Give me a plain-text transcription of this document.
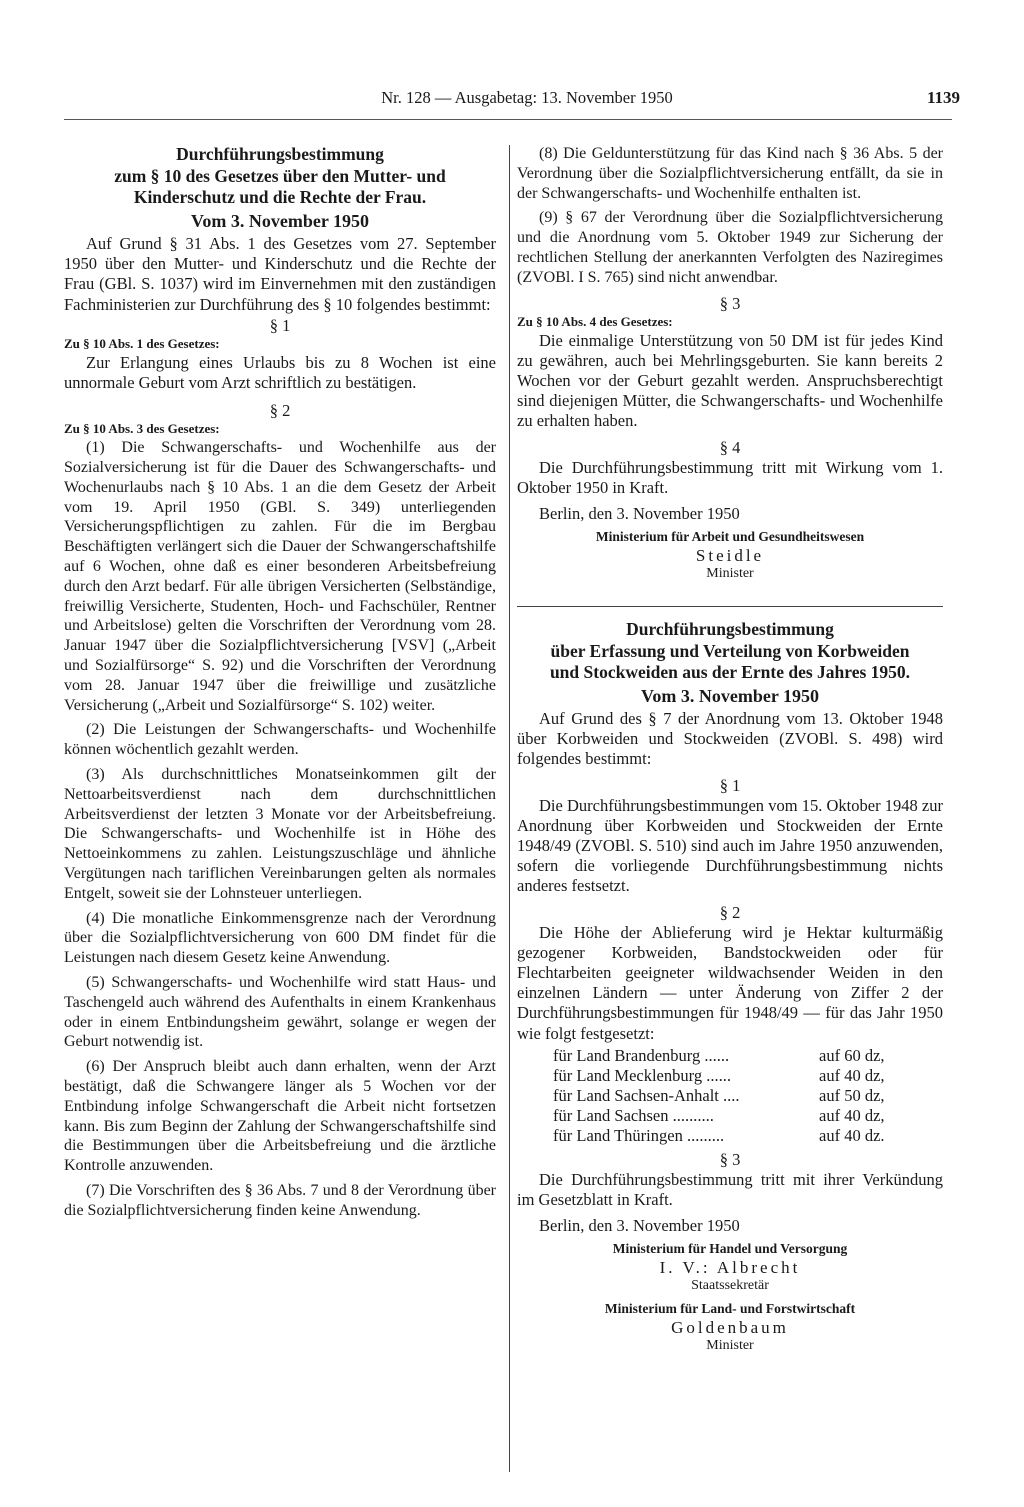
Nr. 128 — Ausgabetag: 13. November 1950	1139

Durchführungsbestimmung

zum § 10 des Gesetzes über den Mutter- und

Kinderschutz und die Rechte der Frau.

Vom 3. November 1950

Auf Grund § 31 Abs. 1 des Gesetzes vom 27. September 1950 über den Mutter- und Kinderschutz und die Rechte der Frau (GBl. S. 1037) wird im Einvernehmen mit den zuständigen Fachministerien zur Durchführung des § 10 folgendes bestimmt:

§ 1

Zu § 10 Abs. 1 des Gesetzes:

Zur Erlangung eines Urlaubs bis zu 8 Wochen ist eine unnormale Geburt vom Arzt schriftlich zu bestätigen.

§ 2

Zu § 10 Abs. 3 des Gesetzes:

(1) Die Schwangerschafts- und Wochenhilfe aus der Sozialversicherung ist für die Dauer des Schwangerschafts- und Wochenurlaubs nach § 10 Abs. 1 an die dem Gesetz der Arbeit vom 19. April 1950 (GBl. S. 349) unterliegenden Versicherungspflichtigen zu zahlen. Für die im Bergbau Beschäftigten verlängert sich die Dauer der Schwangerschaftshilfe auf 6 Wochen, ohne daß es einer besonderen Arbeitsbefreiung durch den Arzt bedarf. Für alle übrigen Versicherten (Selbständige, freiwillig Versicherte, Studenten, Hoch- und Fachschüler, Rentner und Arbeitslose) gelten die Vorschriften der Verordnung vom 28. Januar 1947 über die Sozialpflichtversicherung [VSV] („Arbeit und Sozialfürsorge“ S. 92) und die Vorschriften der Verordnung vom 28. Januar 1947 über die freiwillige und zusätzliche Versicherung („Arbeit und Sozialfürsorge“ S. 102) weiter.

(2) Die Leistungen der Schwangerschafts- und Wochenhilfe können wöchentlich gezahlt werden.

(3) Als durchschnittliches Monatseinkommen gilt der Nettoarbeitsverdienst nach dem durchschnittlichen Arbeitsverdienst der letzten 3 Monate vor der Arbeitsbefreiung. Die Schwangerschafts- und Wochenhilfe ist in Höhe des Nettoeinkommens zu zahlen. Leistungszuschläge und ähnliche Vergütungen nach tariflichen Vereinbarungen gelten als normales Entgelt, soweit sie der Lohnsteuer unterliegen.

(4) Die monatliche Einkommensgrenze nach der Verordnung über die Sozialpflichtversicherung von 600 DM findet für die Leistungen nach diesem Gesetz keine Anwendung.

(5) Schwangerschafts- und Wochenhilfe wird statt Haus- und Taschengeld auch während des Aufenthalts in einem Krankenhaus oder in einem Entbindungsheim gewährt, solange er wegen der Geburt notwendig ist.

(6) Der Anspruch bleibt auch dann erhalten, wenn der Arzt bestätigt, daß die Schwangere länger als 5 Wochen vor der Entbindung infolge Schwangerschaft die Arbeit nicht fortsetzen kann. Bis zum Beginn der Zahlung der Schwangerschaftshilfe sind die Bestimmungen über die Arbeitsbefreiung und die ärztliche Kontrolle anzuwenden.

(7) Die Vorschriften des § 36 Abs. 7 und 8 der Verordnung über die Sozialpflichtversicherung finden keine Anwendung.

(8) Die Geldunterstützung für das Kind nach § 36 Abs. 5 der Verordnung über die Sozialpflichtversicherung entfällt, da sie in der Schwangerschafts- und Wochenhilfe enthalten ist.

(9) § 67 der Verordnung über die Sozialpflichtversicherung und die Anordnung vom 5. Oktober 1949 zur Sicherung der rechtlichen Stellung der anerkannten Verfolgten des Naziregimes (ZVOBl. I S. 765) sind nicht anwendbar.

§ 3

Zu § 10 Abs. 4 des Gesetzes:

Die einmalige Unterstützung von 50 DM ist für jedes Kind zu gewähren, auch bei Mehrlingsgeburten. Sie kann bereits 2 Wochen vor der Geburt gezahlt werden. Anspruchsberechtigt sind diejenigen Mütter, die Schwangerschafts- und Wochenhilfe zu erhalten haben.

§ 4

Die Durchführungsbestimmung tritt mit Wirkung vom 1. Oktober 1950 in Kraft.

Berlin, den 3. November 1950

Ministerium für Arbeit und Gesundheitswesen

Steidle

Minister

Durchführungsbestimmung

über Erfassung und Verteilung von Korbweiden

und Stockweiden aus der Ernte des Jahres 1950.

Vom 3. November 1950

Auf Grund des § 7 der Anordnung vom 13. Oktober 1948 über Korbweiden und Stockweiden (ZVOBl. S. 498) wird folgendes bestimmt:

§ 1

Die Durchführungsbestimmungen vom 15. Oktober 1948 zur Anordnung über Korbweiden und Stockweiden der Ernte 1948/49 (ZVOBl. S. 510) sind auch im Jahre 1950 anzuwenden, sofern die vorliegende Durchführungsbestimmung nichts anderes festsetzt.

§ 2

Die Höhe der Ablieferung wird je Hektar kulturmäßig gezogener Korbweiden, Bandstockweiden oder für Flechtarbeiten geeigneter wildwachsender Weiden in den einzelnen Ländern — unter Änderung von Ziffer 2 der Durchführungsbestimmungen für 1948/49 — für das Jahr 1950 wie folgt festgesetzt:

für Land Brandenburg ......	auf 60 dz,
für Land Mecklenburg ......	auf 40 dz,
für Land Sachsen-Anhalt ....	auf 50 dz,
für Land Sachsen ..........	auf 40 dz,
für Land Thüringen .........	auf 40 dz.

§ 3

Die Durchführungsbestimmung tritt mit ihrer Verkündung im Gesetzblatt in Kraft.

Berlin, den 3. November 1950

Ministerium für Handel und Versorgung

I. V.: Albrecht

Staatssekretär

Ministerium für Land- und Forstwirtschaft

Goldenbaum

Minister
